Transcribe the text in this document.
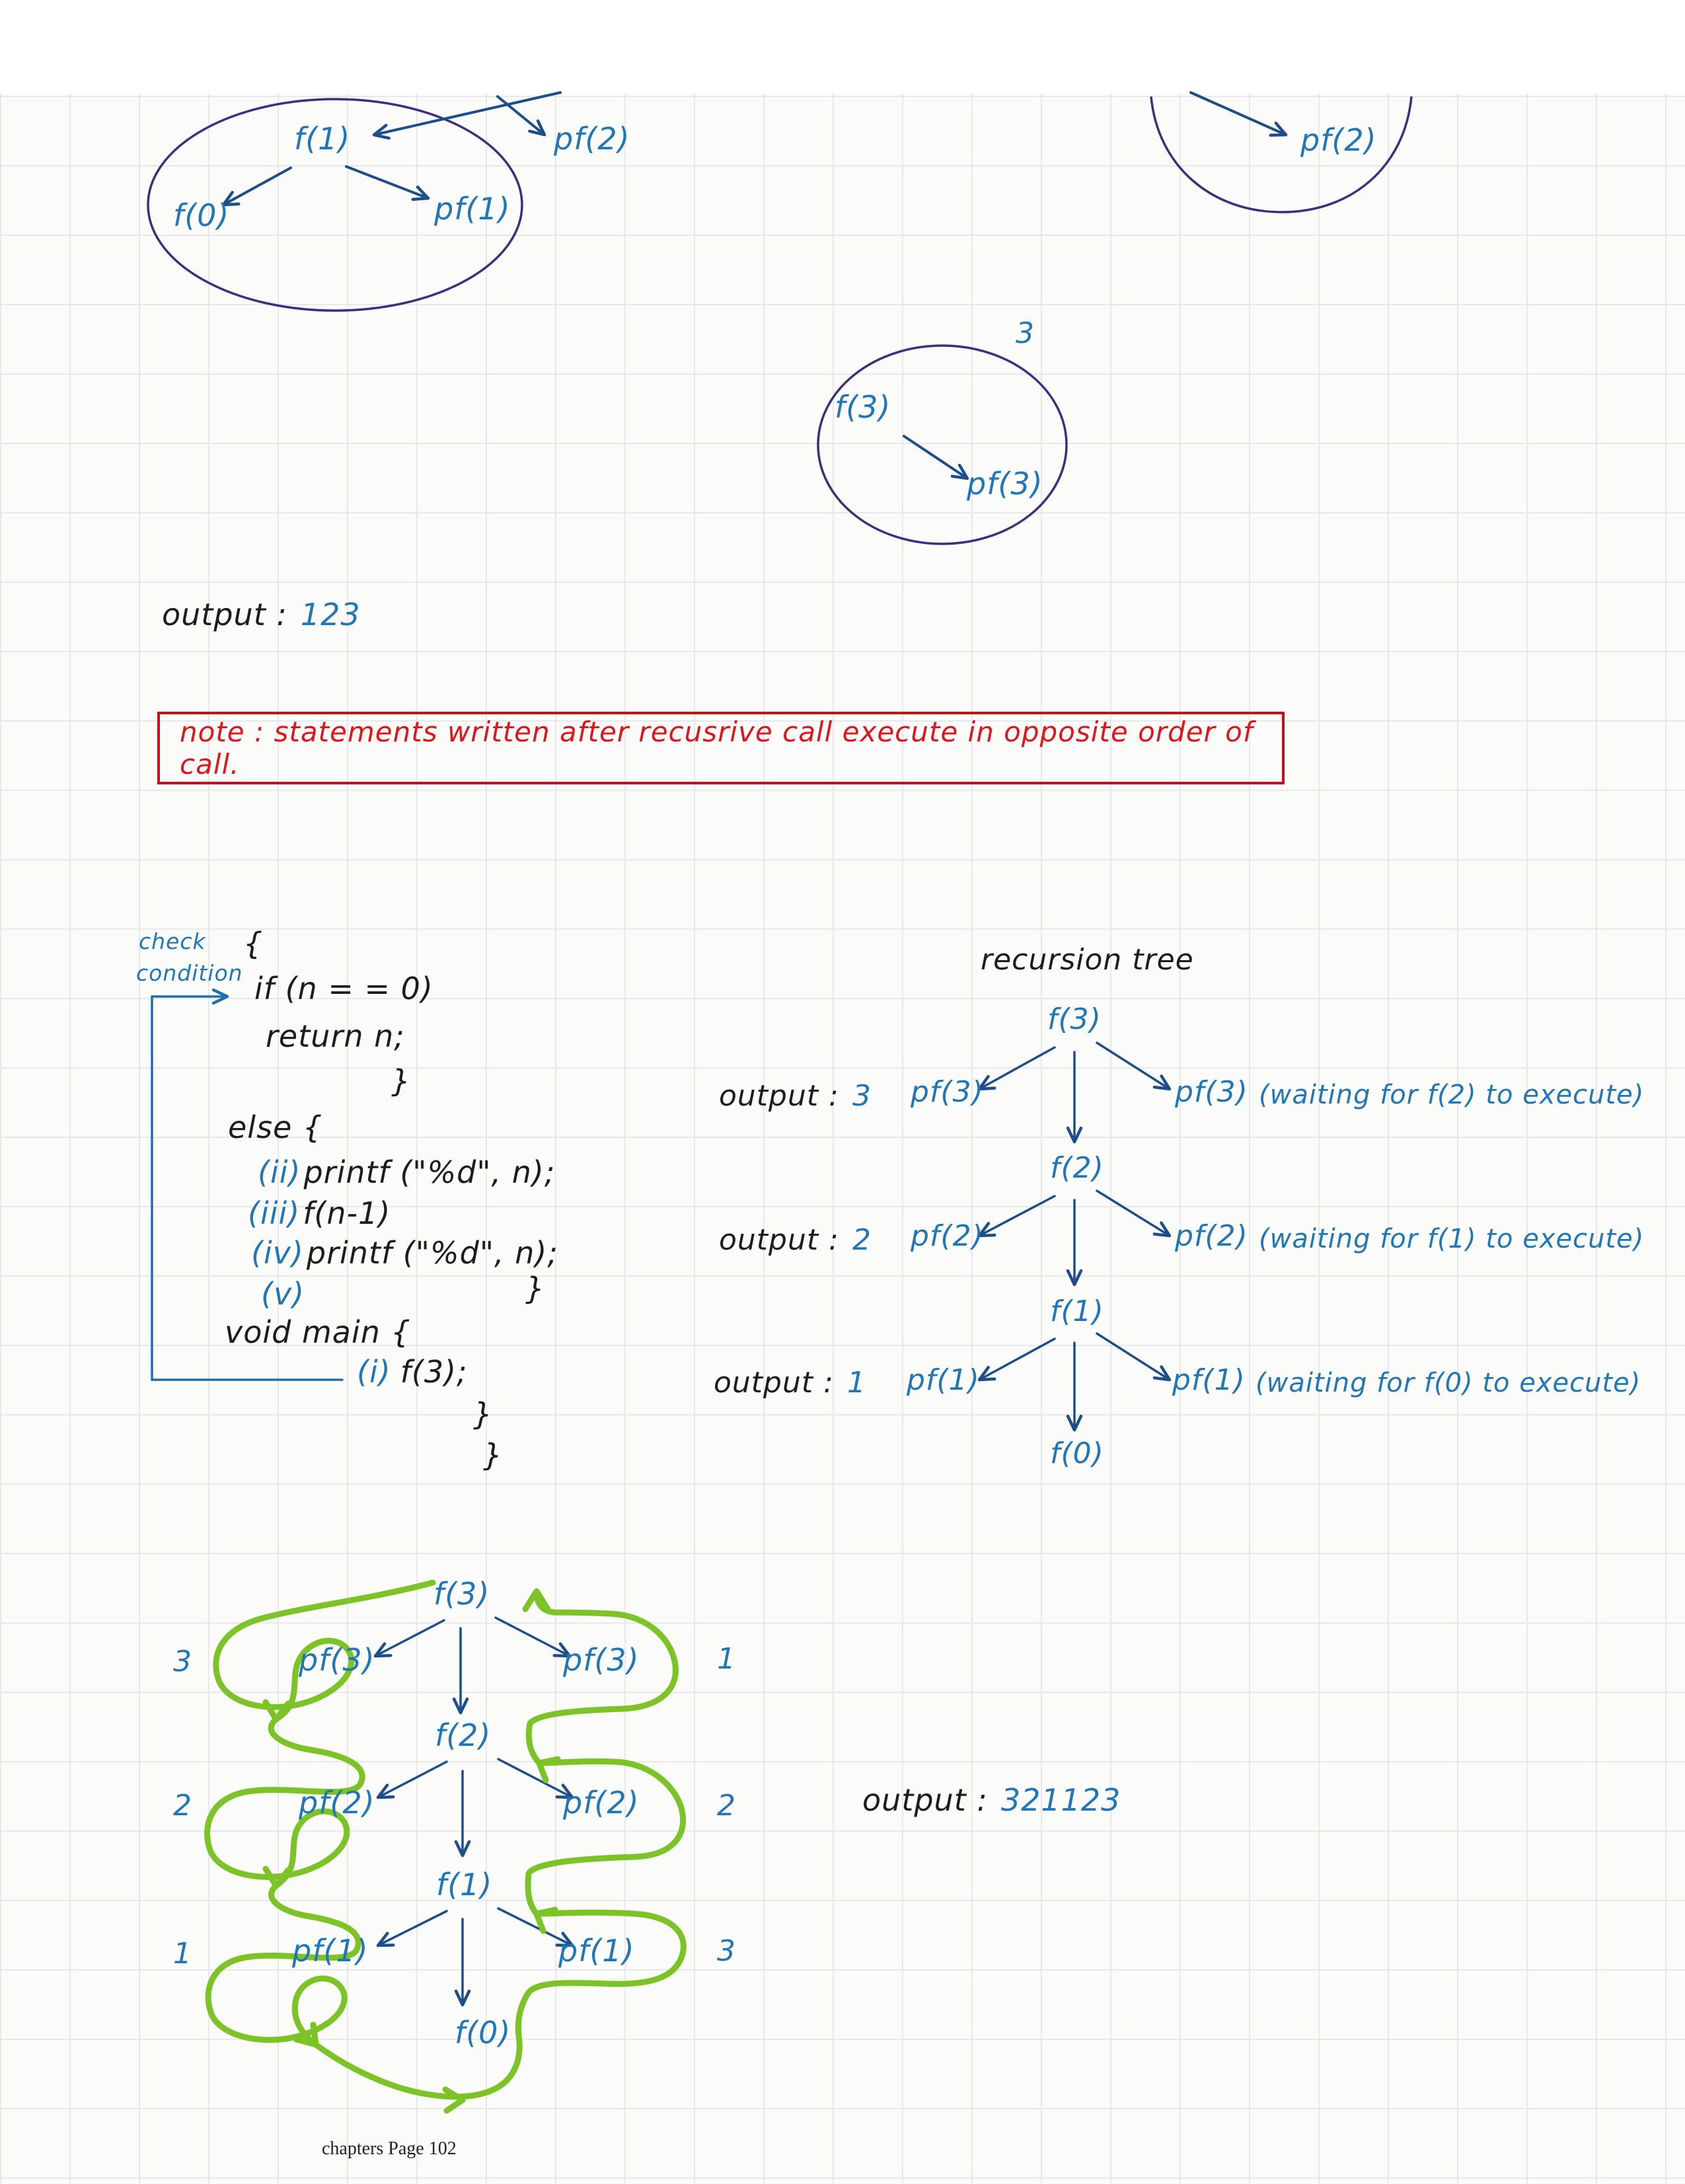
f(1)
f(0)	pf(1)
pf(2)	pf(2)
3
f(3)
pf(3)
output : 123
note : statements written after recusrive call execute in opposite order of call.
check
condition
{
if (n = = 0)
return n;
}
else {
(ii) printf ("%d", n);
(iii) f(n-1)
(iv) printf ("%d", n);
(v)	}
void main {
(i) f(3);
}
}
recursion tree
f(3)
output : 3 pf(3)	pf(3) (waiting for f(2) to execute)
f(2)
output : 2 pf(2)	pf(2) (waiting for f(1) to execute)
f(1)
output : 1 pf(1)	pf(1) (waiting for f(0) to execute)
f(0)
f(3)
3	pf(3)	pf(3)	1
f(2)
2	pf(2)	pf(2)	2
f(1)
1	pf(1)	pf(1)	3
f(0)
output : 321123
chapters Page 102
